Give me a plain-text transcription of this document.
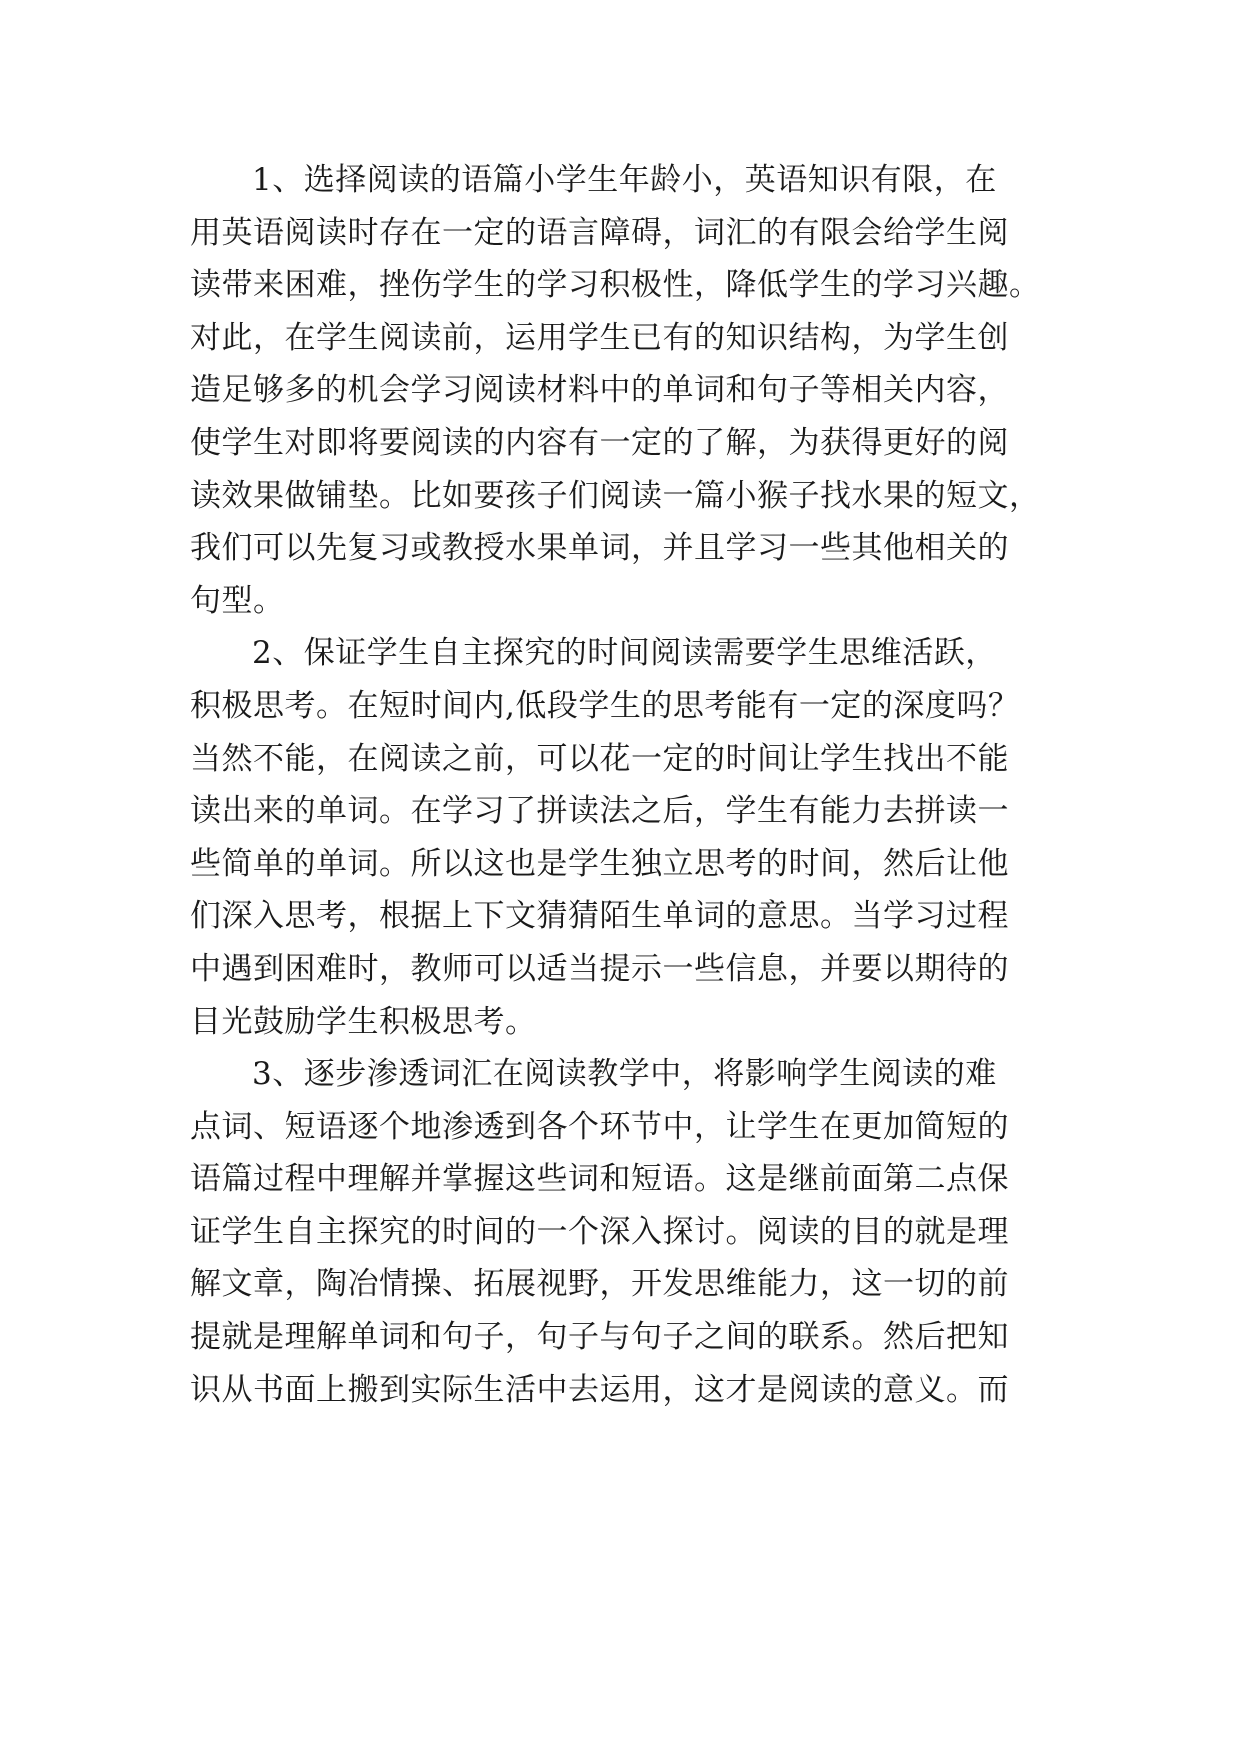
1、选择阅读的语篇小学生年龄小，英语知识有限，在
用英语阅读时存在一定的语言障碍，词汇的有限会给学生阅
读带来困难，挫伤学生的学习积极性，降低学生的学习兴趣。
对此，在学生阅读前，运用学生已有的知识结构，为学生创
造足够多的机会学习阅读材料中的单词和句子等相关内容，
使学生对即将要阅读的内容有一定的了解，为获得更好的阅
读效果做铺垫。比如要孩子们阅读一篇小猴子找水果的短文，
我们可以先复习或教授水果单词，并且学习一些其他相关的
句型。
2、保证学生自主探究的时间阅读需要学生思维活跃，
积极思考。在短时间内,低段学生的思考能有一定的深度吗？
当然不能，在阅读之前，可以花一定的时间让学生找出不能
读出来的单词。在学习了拼读法之后，学生有能力去拼读一
些简单的单词。所以这也是学生独立思考的时间，然后让他
们深入思考，根据上下文猜猜陌生单词的意思。当学习过程
中遇到困难时，教师可以适当提示一些信息，并要以期待的
目光鼓励学生积极思考。
3、逐步渗透词汇在阅读教学中，将影响学生阅读的难
点词、短语逐个地渗透到各个环节中，让学生在更加简短的
语篇过程中理解并掌握这些词和短语。这是继前面第二点保
证学生自主探究的时间的一个深入探讨。阅读的目的就是理
解文章，陶冶情操、拓展视野，开发思维能力，这一切的前
提就是理解单词和句子，句子与句子之间的联系。然后把知
识从书面上搬到实际生活中去运用，这才是阅读的意义。而
